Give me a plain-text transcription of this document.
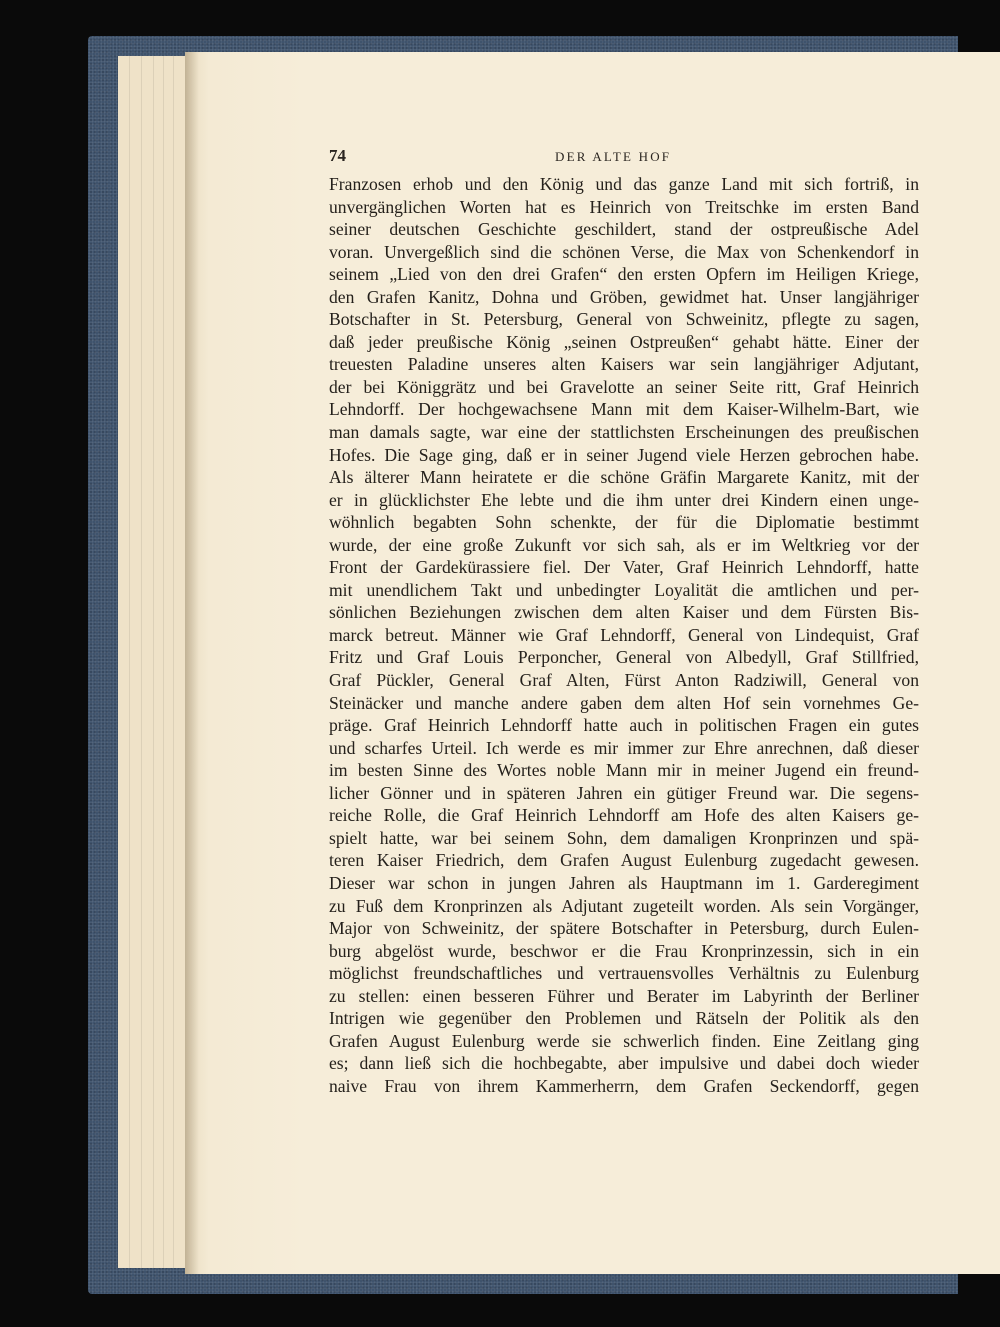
74	DER ALTE HOF
Franzosen erhob und den König und das ganze Land mit sich fortriß, in
unvergänglichen Worten hat es Heinrich von Treitschke im ersten Band
seiner deutschen Geschichte geschildert, stand der ostpreußische Adel
voran. Unvergeßlich sind die schönen Verse, die Max von Schenkendorf in
seinem „Lied von den drei Grafen“ den ersten Opfern im Heiligen Kriege,
den Grafen Kanitz, Dohna und Gröben, gewidmet hat. Unser langjähriger
Botschafter in St. Petersburg, General von Schweinitz, pflegte zu sagen,
daß jeder preußische König „seinen Ostpreußen“ gehabt hätte. Einer der
treuesten Paladine unseres alten Kaisers war sein langjähriger Adjutant,
der bei Königgrätz und bei Gravelotte an seiner Seite ritt, Graf Heinrich
Lehndorff. Der hochgewachsene Mann mit dem Kaiser-Wilhelm-Bart, wie
man damals sagte, war eine der stattlichsten Erscheinungen des preußischen
Hofes. Die Sage ging, daß er in seiner Jugend viele Herzen gebrochen habe.
Als älterer Mann heiratete er die schöne Gräfin Margarete Kanitz, mit der
er in glücklichster Ehe lebte und die ihm unter drei Kindern einen unge-
wöhnlich begabten Sohn schenkte, der für die Diplomatie bestimmt
wurde, der eine große Zukunft vor sich sah, als er im Weltkrieg vor der
Front der Gardekürassiere fiel. Der Vater, Graf Heinrich Lehndorff, hatte
mit unendlichem Takt und unbedingter Loyalität die amtlichen und per-
sönlichen Beziehungen zwischen dem alten Kaiser und dem Fürsten Bis-
marck betreut. Männer wie Graf Lehndorff, General von Lindequist, Graf
Fritz und Graf Louis Perponcher, General von Albedyll, Graf Stillfried,
Graf Pückler, General Graf Alten, Fürst Anton Radziwill, General von
Steinäcker und manche andere gaben dem alten Hof sein vornehmes Ge-
präge. Graf Heinrich Lehndorff hatte auch in politischen Fragen ein gutes
und scharfes Urteil. Ich werde es mir immer zur Ehre anrechnen, daß dieser
im besten Sinne des Wortes noble Mann mir in meiner Jugend ein freund-
licher Gönner und in späteren Jahren ein gütiger Freund war. Die segens-
reiche Rolle, die Graf Heinrich Lehndorff am Hofe des alten Kaisers ge-
spielt hatte, war bei seinem Sohn, dem damaligen Kronprinzen und spä-
teren Kaiser Friedrich, dem Grafen August Eulenburg zugedacht gewesen.
Dieser war schon in jungen Jahren als Hauptmann im 1. Garderegiment
zu Fuß dem Kronprinzen als Adjutant zugeteilt worden. Als sein Vorgänger,
Major von Schweinitz, der spätere Botschafter in Petersburg, durch Eulen-
burg abgelöst wurde, beschwor er die Frau Kronprinzessin, sich in ein
möglichst freundschaftliches und vertrauensvolles Verhältnis zu Eulenburg
zu stellen: einen besseren Führer und Berater im Labyrinth der Berliner
Intrigen wie gegenüber den Problemen und Rätseln der Politik als den
Grafen August Eulenburg werde sie schwerlich finden. Eine Zeitlang ging
es; dann ließ sich die hochbegabte, aber impulsive und dabei doch wieder
naive Frau von ihrem Kammerherrn, dem Grafen Seckendorff, gegen
